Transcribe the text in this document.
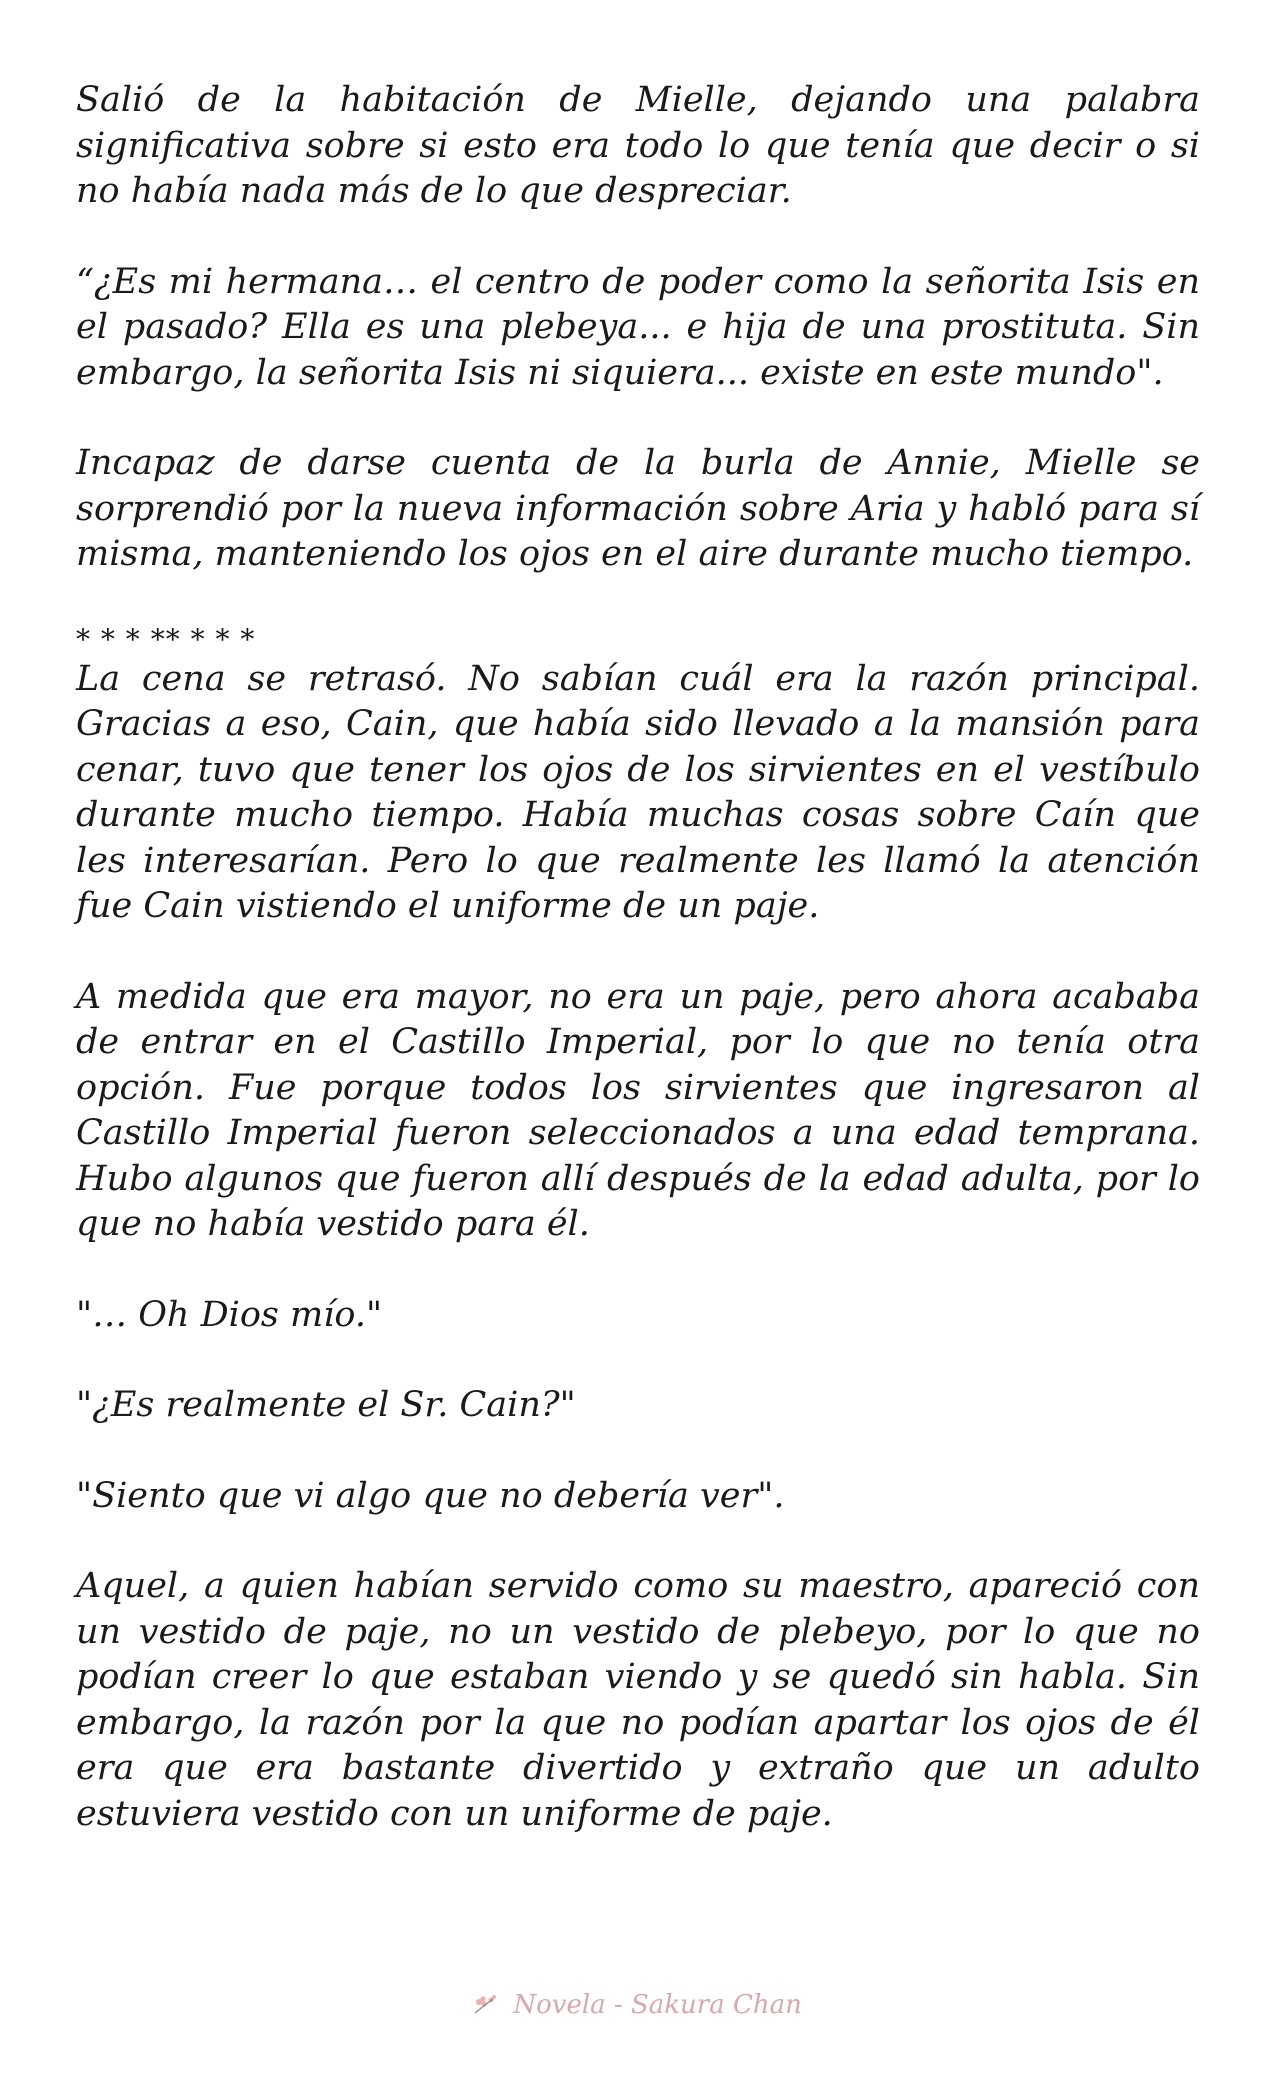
Salió de la habitación de Mielle, dejando una palabra significativa sobre si esto era todo lo que tenía que decir o si no había nada más de lo que despreciar.

“¿Es mi hermana… el centro de poder como la señorita Isis en el pasado? Ella es una plebeya... e hija de una prostituta. Sin embargo, la señorita Isis ni siquiera... existe en este mundo".

Incapaz de darse cuenta de la burla de Annie, Mielle se sorprendió por la nueva información sobre Aria y habló para sí misma, manteniendo los ojos en el aire durante mucho tiempo.

* * * ** * * *

La cena se retrasó. No sabían cuál era la razón principal. Gracias a eso, Cain, que había sido llevado a la mansión para cenar, tuvo que tener los ojos de los sirvientes en el vestíbulo durante mucho tiempo. Había muchas cosas sobre Caín que les interesarían. Pero lo que realmente les llamó la atención fue Cain vistiendo el uniforme de un paje.

A medida que era mayor, no era un paje, pero ahora acababa de entrar en el Castillo Imperial, por lo que no tenía otra opción. Fue porque todos los sirvientes que ingresaron al Castillo Imperial fueron seleccionados a una edad temprana. Hubo algunos que fueron allí después de la edad adulta, por lo que no había vestido para él.

"… Oh Dios mío."

"¿Es realmente el Sr. Cain?"

"Siento que vi algo que no debería ver".

Aquel, a quien habían servido como su maestro, apareció con un vestido de paje, no un vestido de plebeyo, por lo que no podían creer lo que estaban viendo y se quedó sin habla. Sin embargo, la razón por la que no podían apartar los ojos de él era que era bastante divertido y extraño que un adulto estuviera vestido con un uniforme de paje.

Novela - Sakura Chan
